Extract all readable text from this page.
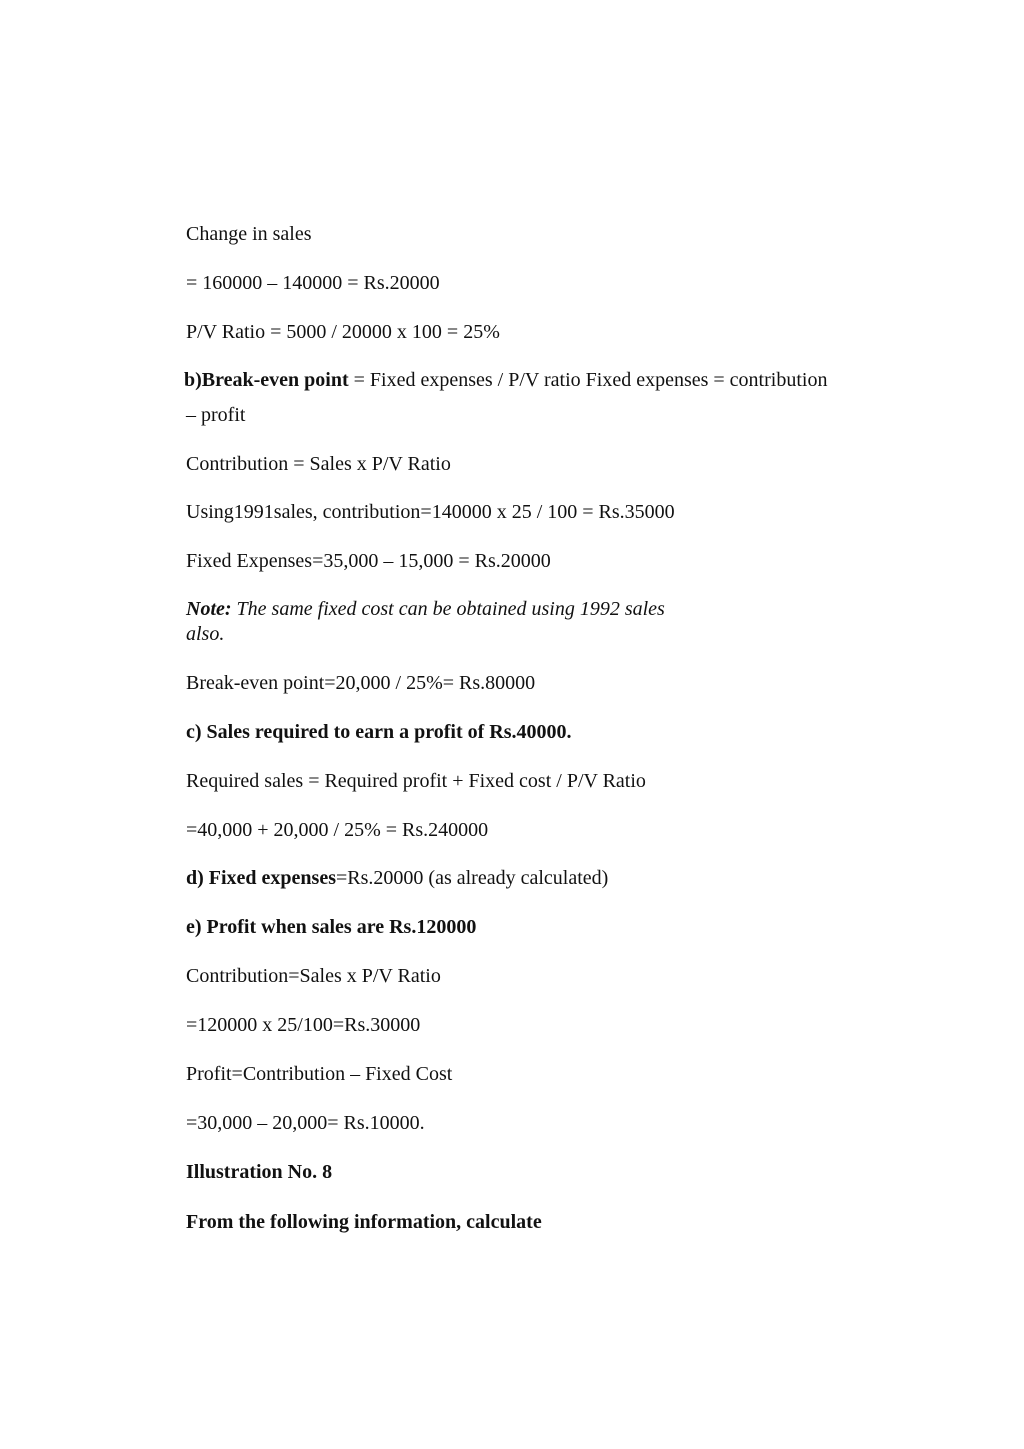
Change in sales
= 160000 – 140000 = Rs.20000
P/V Ratio = 5000 / 20000 x 100 = 25%
b)Break-even point = Fixed expenses / P/V ratio Fixed expenses = contribution
– profit
Contribution = Sales x P/V Ratio
Using1991sales, contribution=140000 x 25 / 100 = Rs.35000
Fixed Expenses=35,000 – 15,000 = Rs.20000
Note: The same fixed cost can be obtained using 1992 sales
also.
Break-even point=20,000 / 25%= Rs.80000
c) Sales required to earn a profit of Rs.40000.
Required sales = Required profit + Fixed cost / P/V Ratio
=40,000 + 20,000 / 25% = Rs.240000
d) Fixed expenses=Rs.20000 (as already calculated)
e) Profit when sales are Rs.120000
Contribution=Sales x P/V Ratio
=120000 x 25/100=Rs.30000
Profit=Contribution – Fixed Cost
=30,000 – 20,000= Rs.10000.
Illustration No. 8
From the following information, calculate
